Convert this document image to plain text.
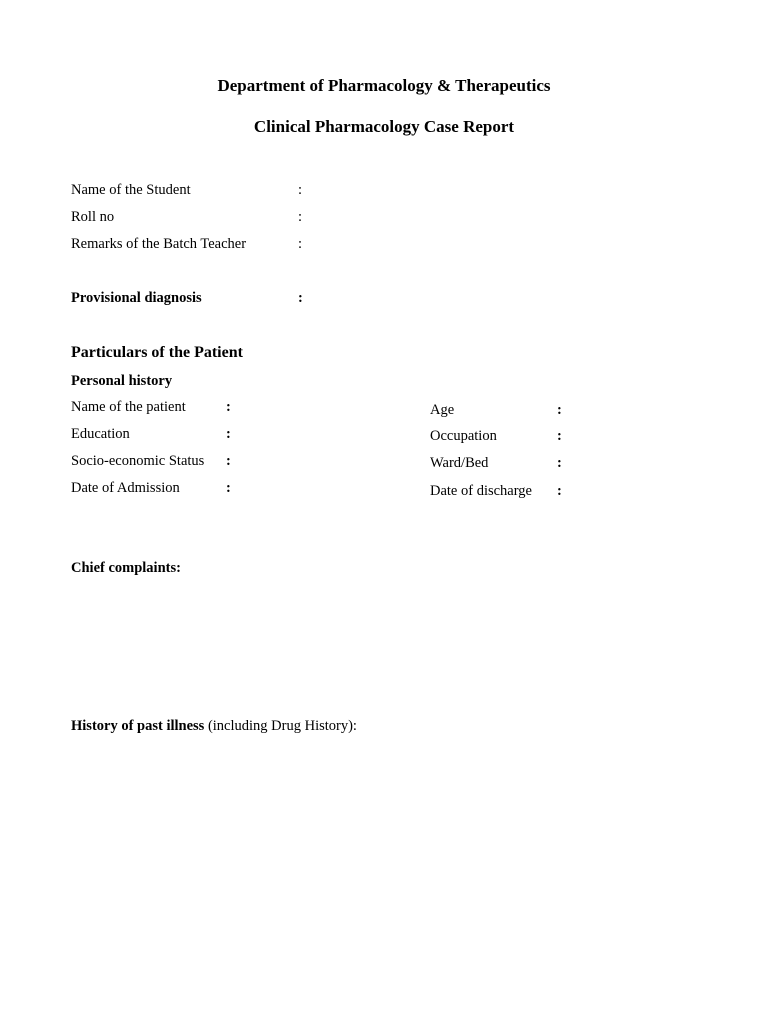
Department of Pharmacology & Therapeutics
Clinical Pharmacology Case Report
Name of the Student	:
Roll no	:
Remarks of the Batch Teacher	:
Provisional diagnosis	:
Particulars of the Patient
Personal history
Name of the patient	:
Education	:
Socio-economic Status :
Date of Admission	:
Age	:
Occupation	:
Ward/Bed	:
Date of discharge :
Chief complaints:
History of past illness (including Drug History):
